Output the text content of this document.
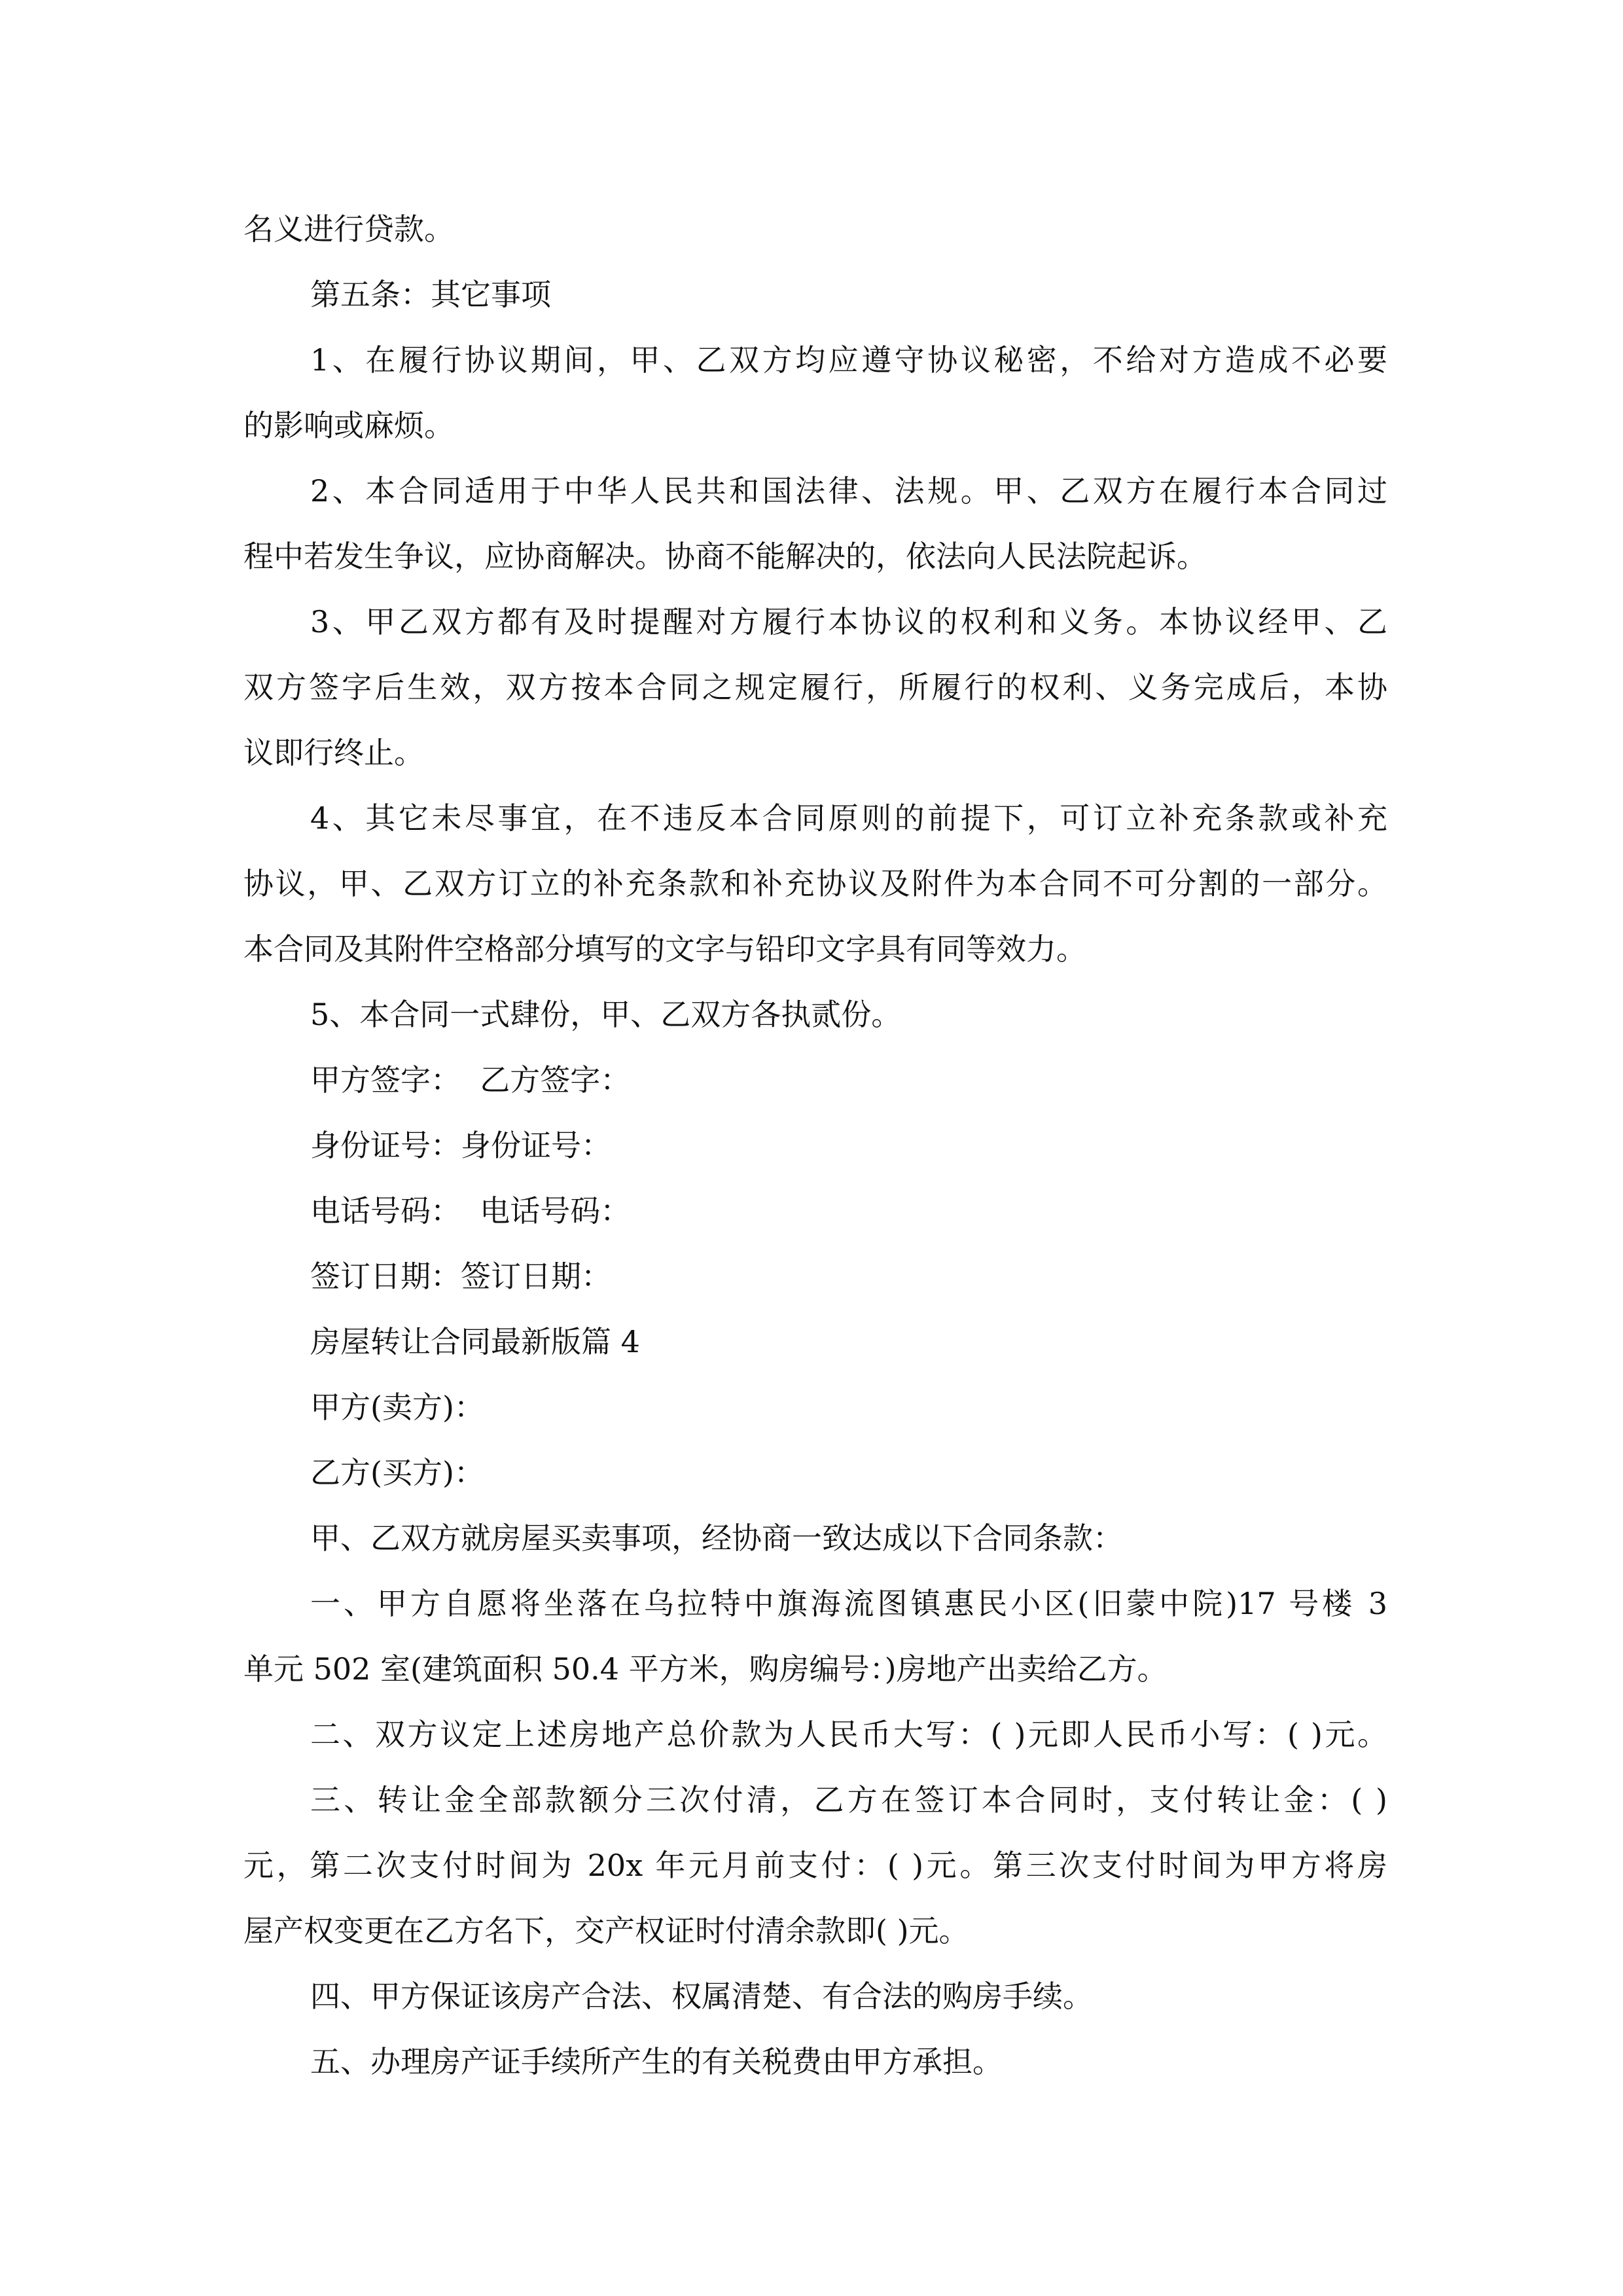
名义进行贷款。
第五条：其它事项
1、在履行协议期间，甲、乙双方均应遵守协议秘密，不给对方造成不必要
的影响或麻烦。
2、本合同适用于中华人民共和国法律、法规。甲、乙双方在履行本合同过
程中若发生争议，应协商解决。协商不能解决的，依法向人民法院起诉。
3、甲乙双方都有及时提醒对方履行本协议的权利和义务。本协议经甲、乙
双方签字后生效，双方按本合同之规定履行，所履行的权利、义务完成后，本协
议即行终止。
4、其它未尽事宜，在不违反本合同原则的前提下，可订立补充条款或补充
协议，甲、乙双方订立的补充条款和补充协议及附件为本合同不可分割的一部分。
本合同及其附件空格部分填写的文字与铅印文字具有同等效力。
5、本合同一式肆份，甲、乙双方各执贰份。
甲方签字：  乙方签字：
身份证号：身份证号：
电话号码：  电话号码：
签订日期：签订日期：
房屋转让合同最新版篇 4
甲方(卖方)：
乙方(买方)：
甲、乙双方就房屋买卖事项，经协商一致达成以下合同条款：
一、甲方自愿将坐落在乌拉特中旗海流图镇惠民小区(旧蒙中院)17 号楼 3
单元 502 室(建筑面积 50.4 平方米，购房编号：)房地产出卖给乙方。
二、双方议定上述房地产总价款为人民币大写：( )元即人民币小写：( )元。
三、转让金全部款额分三次付清，乙方在签订本合同时，支付转让金：( )
元，第二次支付时间为 20x 年元月前支付：( )元。第三次支付时间为甲方将房
屋产权变更在乙方名下，交产权证时付清余款即( )元。
四、甲方保证该房产合法、权属清楚、有合法的购房手续。
五、办理房产证手续所产生的有关税费由甲方承担。
